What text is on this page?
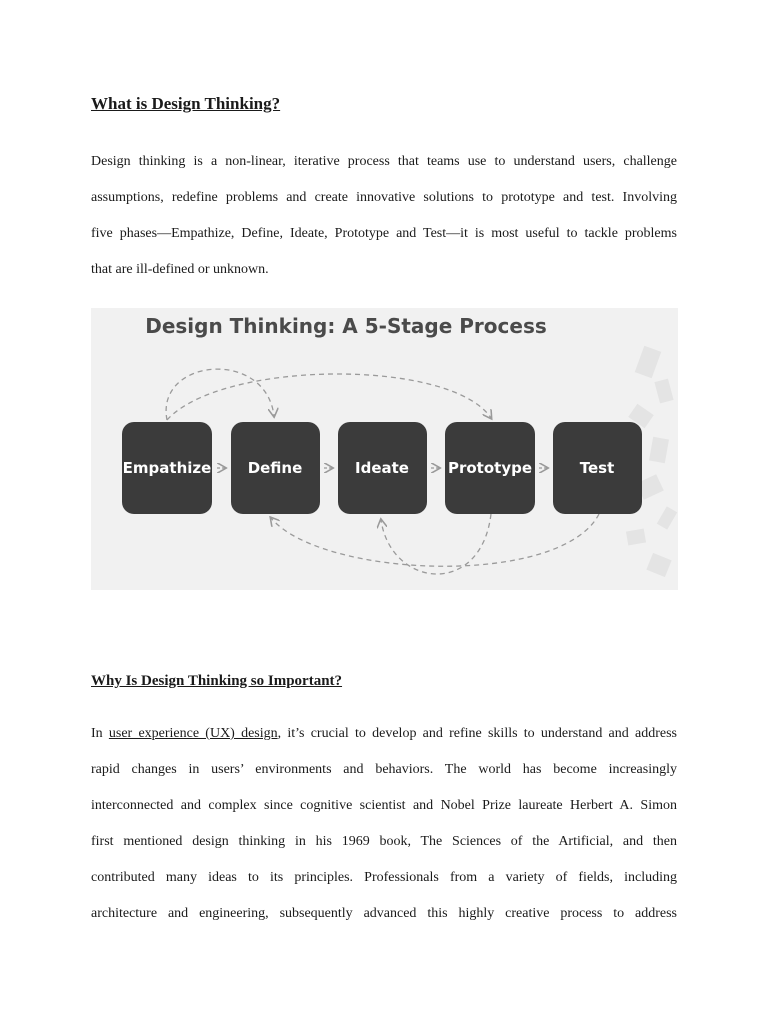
What is Design Thinking?
Design thinking is a non-linear, iterative process that teams use to understand users, challenge
assumptions, redefine problems and create innovative solutions to prototype and test. Involving
five phases—Empathize, Define, Ideate, Prototype and Test—it is most useful to tackle problems
that are ill-defined or unknown.
Design Thinking: A 5-Stage Process
Empathize Define	Ideate	Prototype	Test
Why Is Design Thinking so Important?
In user experience (UX) design, it’s crucial to develop and refine skills to understand and address
rapid changes in users’ environments and behaviors. The world has become increasingly
interconnected and complex since cognitive scientist and Nobel Prize laureate Herbert A. Simon
first mentioned design thinking in his 1969 book, The Sciences of the Artificial, and then
contributed many ideas to its principles. Professionals from a variety of fields, including
architecture and engineering, subsequently advanced this highly creative process to address
